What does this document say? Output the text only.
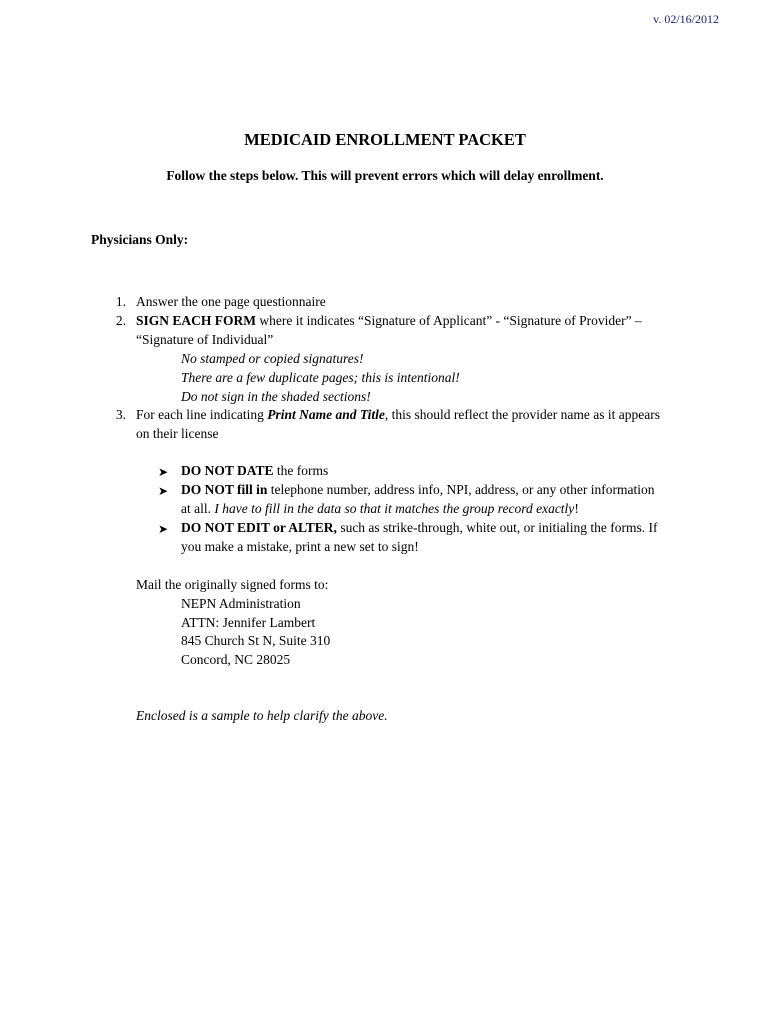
v. 02/16/2012
MEDICAID ENROLLMENT PACKET
Follow the steps below. This will prevent errors which will delay enrollment.
Physicians Only:
1. Answer the one page questionnaire
2. SIGN EACH FORM where it indicates “Signature of Applicant” - “Signature of Provider” –
“Signature of Individual”
No stamped or copied signatures!
There are a few duplicate pages; this is intentional!
Do not sign in the shaded sections!
3. For each line indicating Print Name and Title, this should reflect the provider name as it appears
on their license
➤ DO NOT DATE the forms
➤ DO NOT fill in telephone number, address info, NPI, address, or any other information
at all. I have to fill in the data so that it matches the group record exactly!
➤ DO NOT EDIT or ALTER, such as strike-through, white out, or initialing the forms. If
you make a mistake, print a new set to sign!
Mail the originally signed forms to:
NEPN Administration
ATTN: Jennifer Lambert
845 Church St N, Suite 310
Concord, NC 28025
Enclosed is a sample to help clarify the above.
